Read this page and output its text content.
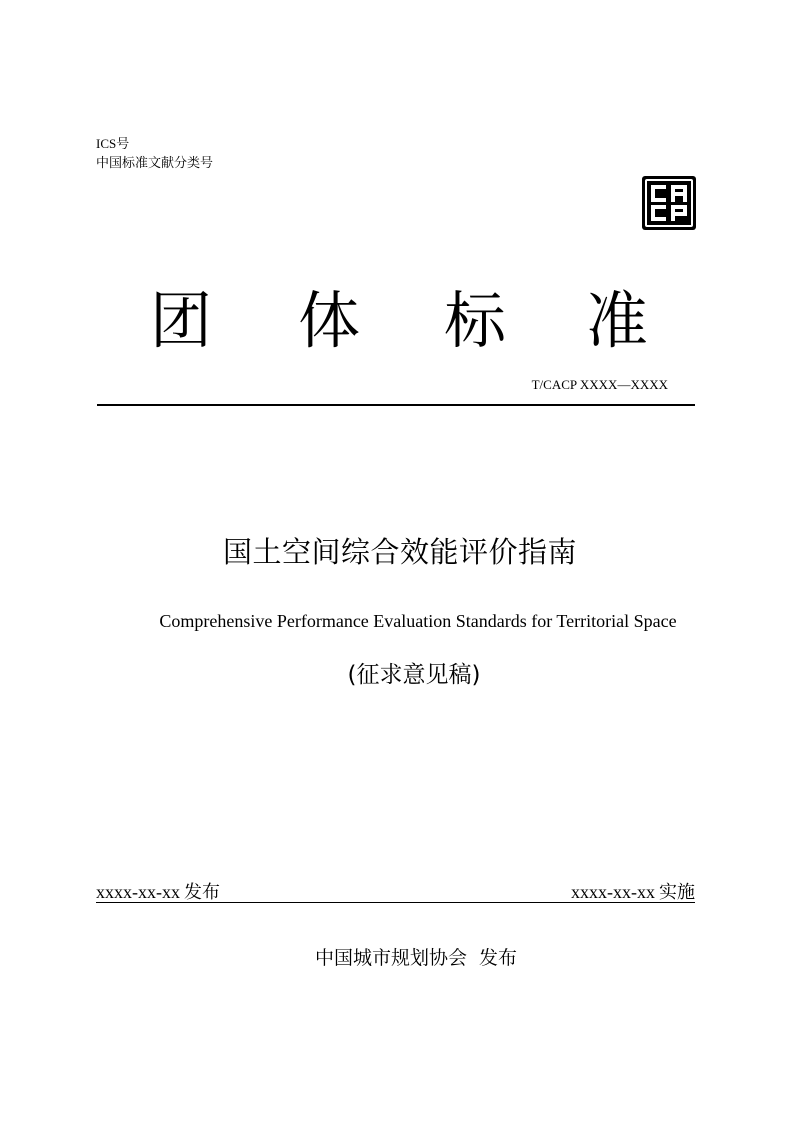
ICS号
中国标准文献分类号
团 体 标 准
T/CACP XXXX—XXXX
国土空间综合效能评价指南
Comprehensive Performance Evaluation Standards for Territorial Space
(征求意见稿)
xxxx-xx-xx 发布	xxxx-xx-xx 实施
中国城市规划协会 发布
